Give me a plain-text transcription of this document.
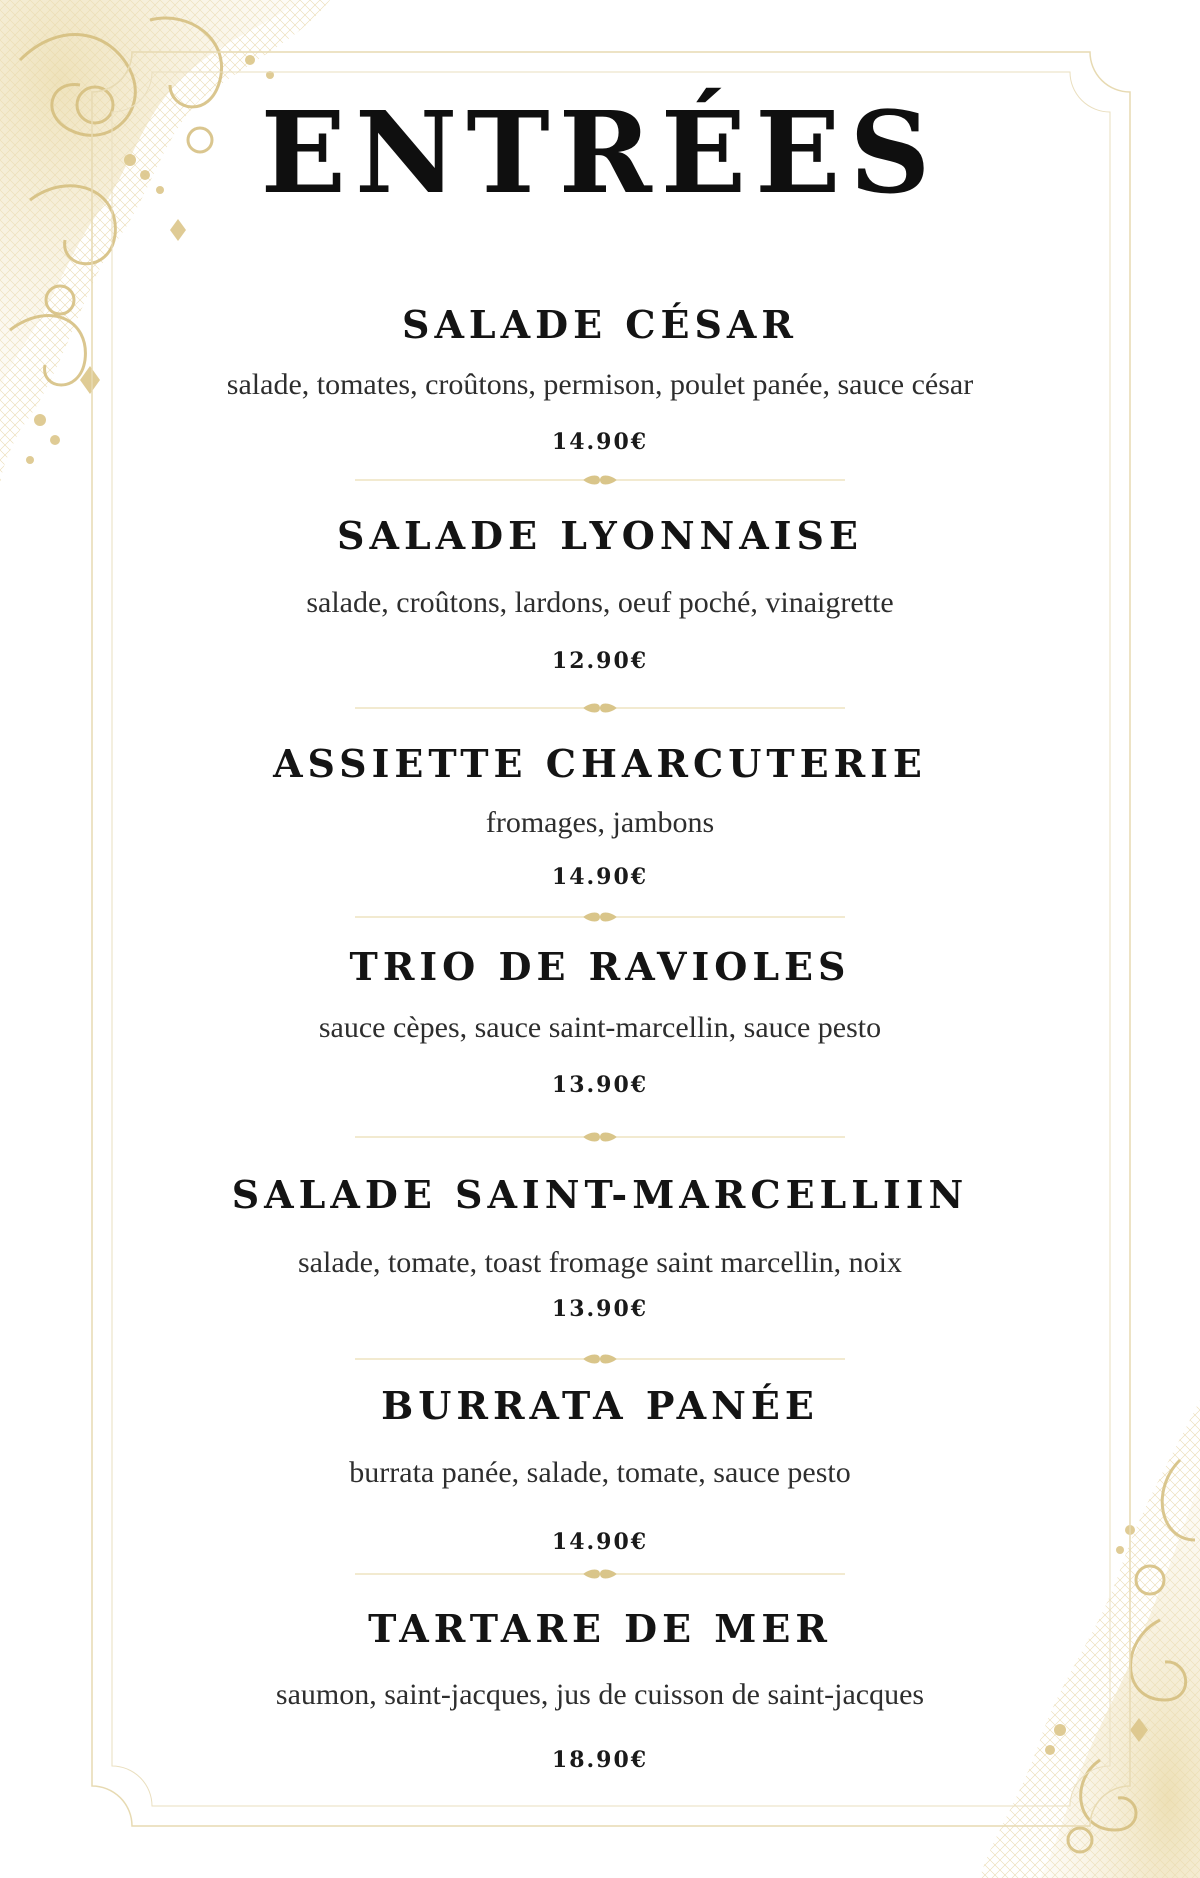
ENTRÉES
SALADE CÉSAR
salade, tomates, croûtons, permison, poulet panée, sauce césar
14.90€
SALADE LYONNAISE
salade, croûtons, lardons, oeuf poché, vinaigrette
12.90€
ASSIETTE CHARCUTERIE
fromages, jambons
14.90€
TRIO DE RAVIOLES
sauce cèpes, sauce saint-marcellin, sauce pesto
13.90€
SALADE SAINT-MARCELLIIN
salade, tomate, toast fromage saint marcellin, noix
13.90€
BURRATA PANÉE
burrata panée, salade, tomate, sauce pesto
14.90€
TARTARE DE MER
saumon, saint-jacques, jus de cuisson de saint-jacques
18.90€
